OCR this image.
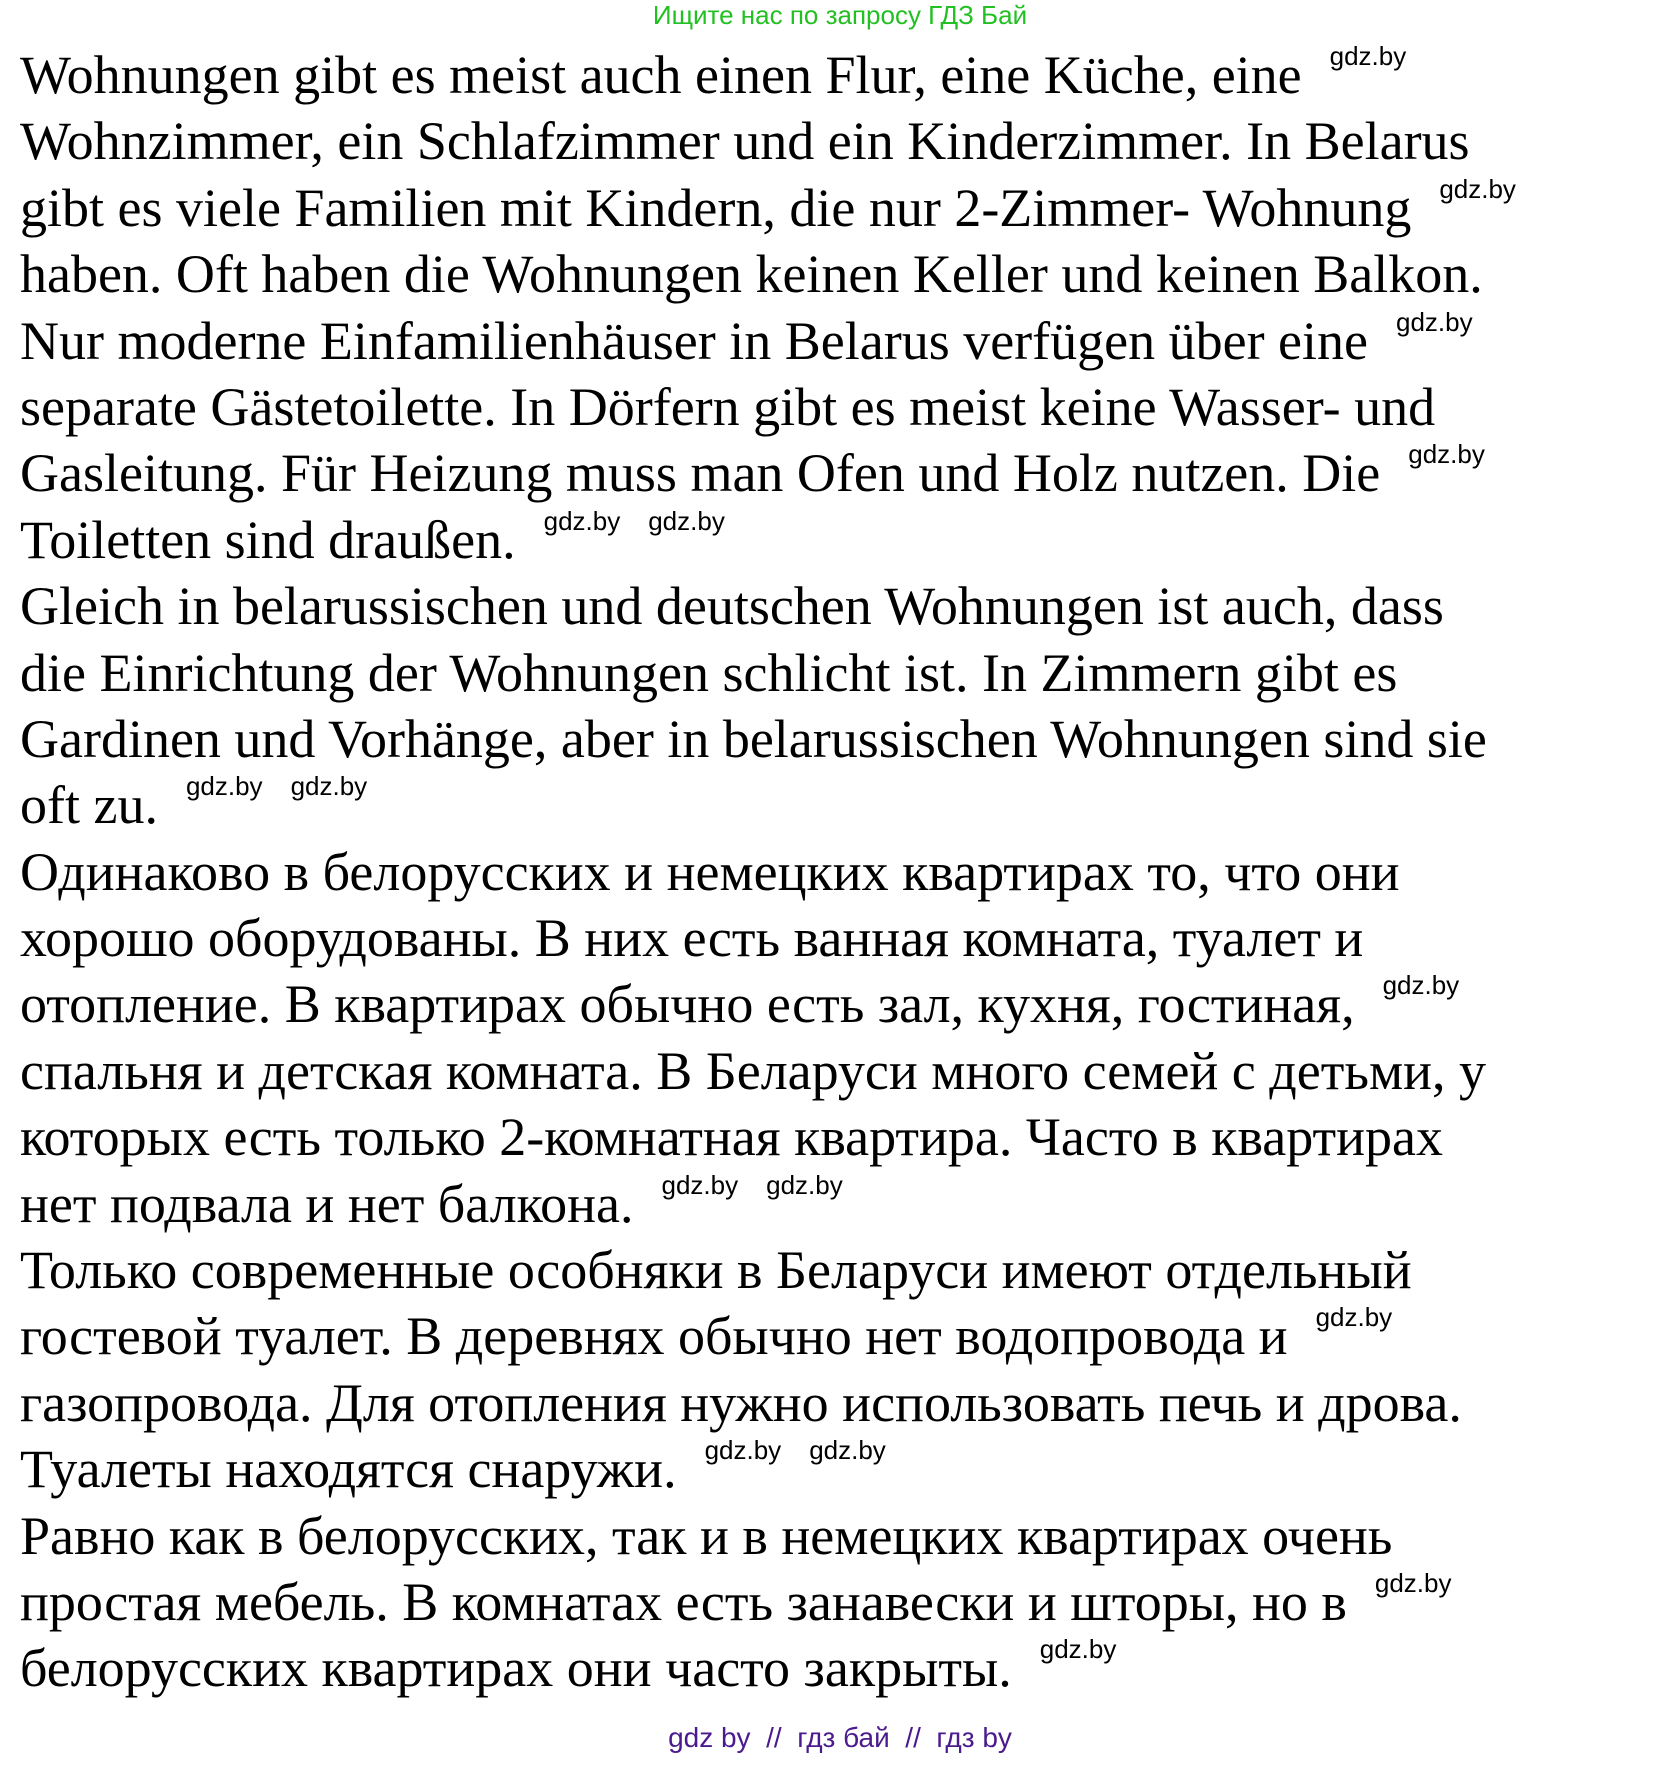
Ищите нас по запросу ГДЗ Бай
Wohnungen gibt es meist auch einen Flur, eine Küche, eine gdz.by
Wohnzimmer, ein Schlafzimmer und ein Kinderzimmer. In Belarus
gibt es viele Familien mit Kindern, die nur 2-Zimmer- Wohnung gdz.by
haben. Oft haben die Wohnungen keinen Keller und keinen Balkon.
Nur moderne Einfamilienhäuser in Belarus verfügen über eine gdz.by
separate Gästetoilette. In Dörfern gibt es meist keine Wasser- und
Gasleitung. Für Heizung muss man Ofen und Holz nutzen. Die gdz.by
Toiletten sind draußen. gdz.by gdz.by
Gleich in belarussischen und deutschen Wohnungen ist auch, dass
die Einrichtung der Wohnungen schlicht ist. In Zimmern gibt es
Gardinen und Vorhänge, aber in belarussischen Wohnungen sind sie
oft zu. gdz.by gdz.by
Одинаково в белорусских и немецких квартирах то, что они
хорошо оборудованы. В них есть ванная комната, туалет и
отопление. В квартирах обычно есть зал, кухня, гостиная, gdz.by
спальня и детская комната. В Беларуси много семей с детьми, у
которых есть только 2-комнатная квартира. Часто в квартирах
нет подвала и нет балкона. gdz.by gdz.by
Только современные особняки в Беларуси имеют отдельный
гостевой туалет. В деревнях обычно нет водопровода и gdz.by
газопровода. Для отопления нужно использовать печь и дрова.
Туалеты находятся снаружи. gdz.by gdz.by
Равно как в белорусских, так и в немецких квартирах очень
простая мебель. В комнатах есть занавески и шторы, но в gdz.by
белорусских квартирах они часто закрыты. gdz.by
gdz by  //  гдз бай  //  гдз by
